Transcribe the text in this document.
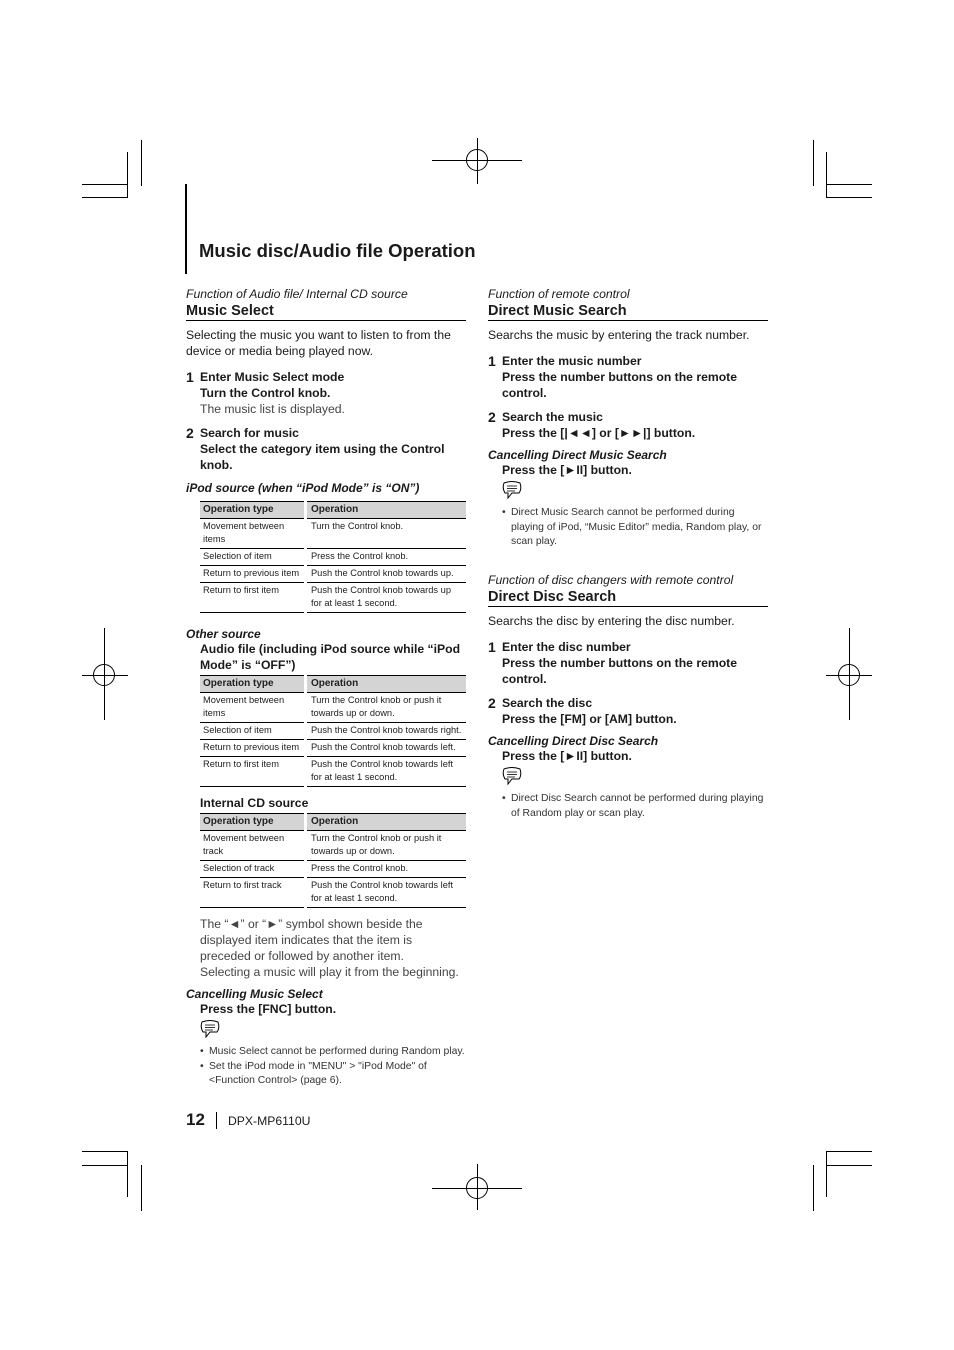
Music disc/Audio file Operation
Function of Audio file/ Internal CD source
Music Select

Selecting the music you want to listen to from the device or media being played now.

1 Enter Music Select mode
Turn the Control knob.
The music list is displayed.
2 Search for music
Select the category item using the Control knob.
iPod source (when “iPod Mode” is “ON”)
Operation type		Operation
Movement between items		Turn the Control knob.
Selection of item		Press the Control knob.
Return to previous item		Push the Control knob towards up.
Return to first item		Push the Control knob towards up for at least 1 second.
Other source
Audio file (including iPod source while “iPod Mode” is “OFF”)
Operation type		Operation
Movement between items		Turn the Control knob or push it towards up or down.
Selection of item		Push the Control knob towards right.
Return to previous item		Push the Control knob towards left.
Return to first item		Push the Control knob towards left for at least 1 second.
Internal CD source
Operation type		Operation
Movement between track		Turn the Control knob or push it towards up or down.
Selection of track		Press the Control knob.
Return to first track		Push the Control knob towards left for at least 1 second.

The “◄” or “►” symbol shown beside the displayed item indicates that the item is preceded or followed by another item.

Selecting a music will play it from the beginning.

Cancelling Music Select
Press the [FNC] button.
• Music Select cannot be performed during Random play.
• Set the iPod mode in "MENU" > "iPod Mode" of <Function Control> (page 6).
Function of remote control
Direct Music Search

Searchs the music by entering the track number.

1 Enter the music number
Press the number buttons on the remote control.
2 Search the music
Press the [|◄◄] or [►►|] button.
Cancelling Direct Music Search
Press the [►II] button.
• Direct Music Search cannot be performed during playing of iPod, “Music Editor” media, Random play, or scan play.
Function of disc changers with remote control
Direct Disc Search

Searchs the disc by entering the disc number.

1 Enter the disc number
Press the number buttons on the remote control.
2 Search the disc
Press the [FM] or [AM] button.
Cancelling Direct Disc Search
Press the [►II] button.
• Direct Disc Search cannot be performed during playing of Random play or scan play.
12 DPX-MP6110U
